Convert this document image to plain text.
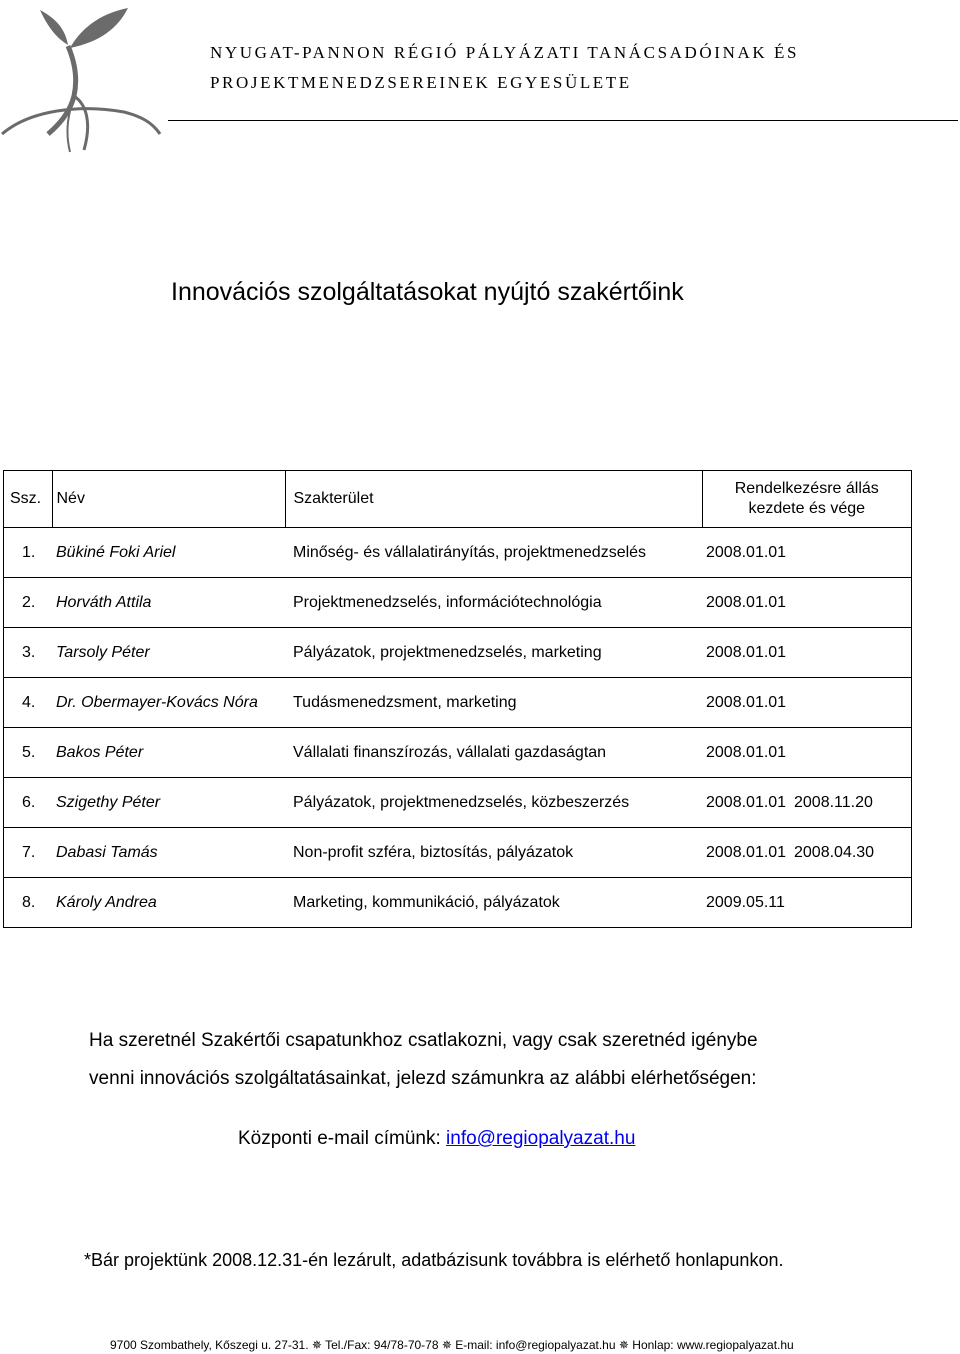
NYUGAT-PANNON RÉGIÓ PÁLYÁZATI TANÁCSADÓINAK ÉS
PROJEKTMENEDZSEREINEK EGYESÜLETE
Innovációs szolgáltatásokat nyújtó szakértőink
Ssz.	Név	Szakterület	Rendelkezésre állás
kezdete és vége	

1.	Bükiné Foki Ariel	Minőség- és vállalatirányítás, projektmenedzselés	2008.01.01	
2.	Horváth Attila	Projektmenedzselés, információtechnológia	2008.01.01	
3.	Tarsoly Péter	Pályázatok, projektmenedzselés, marketing	2008.01.01	
4.	Dr. Obermayer-Kovács Nóra	Tudásmenedzsment, marketing	2008.01.01	
5.	Bakos Péter	Vállalati finanszírozás, vállalati gazdaságtan	2008.01.01	
6.	Szigethy Péter	Pályázatok, projektmenedzselés, közbeszerzés	2008.01.01	2008.11.20
7.	Dabasi Tamás	Non-profit szféra, biztosítás, pályázatok	2008.01.01	2008.04.30
8.	Károly Andrea	Marketing, kommunikáció, pályázatok	2009.05.11	
Ha szeretnél Szakértői csapatunkhoz csatlakozni, vagy csak szeretnéd igénybe
venni innovációs szolgáltatásainkat, jelezd számunkra az alábbi elérhetőségen:
Központi e-mail címünk: info@regiopalyazat.hu
*Bár projektünk 2008.12.31-én lezárult, adatbázisunk továbbra is elérhető honlapunkon.
9700 Szombathely, Kőszegi u. 27-31. ✵ Tel./Fax: 94/78-70-78 ✵ E-mail: info@regiopalyazat.hu ✵ Honlap: www.regiopalyazat.hu
